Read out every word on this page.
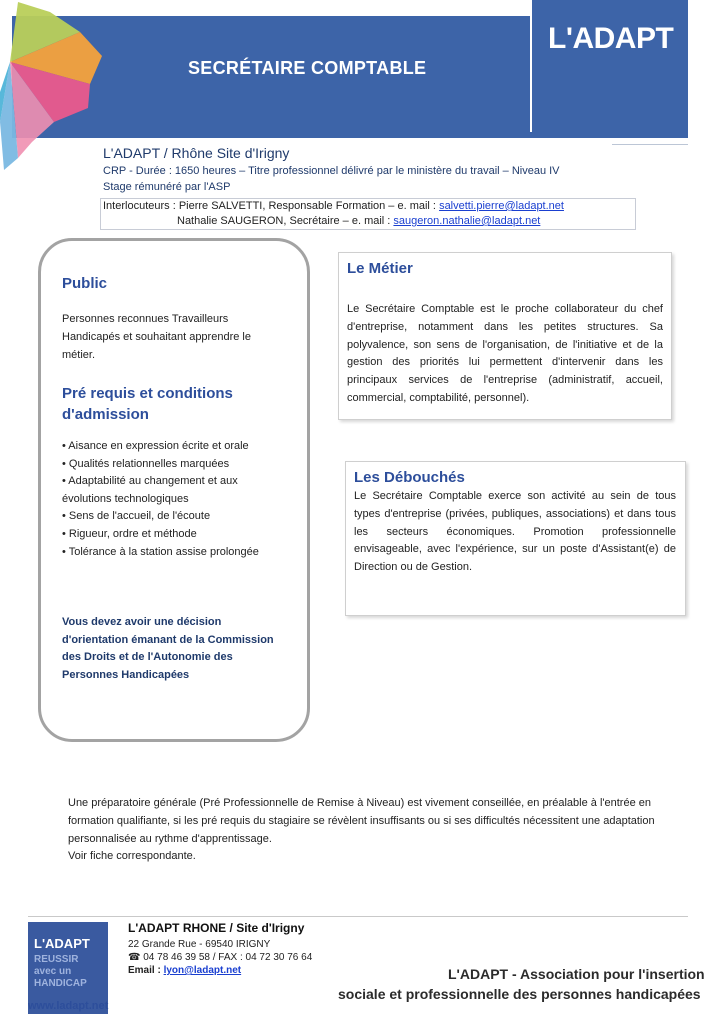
L'ADAPT
SECRÉTAIRE COMPTABLE
L'ADAPT / Rhône Site d'Irigny
CRP - Durée : 1650 heures – Titre professionnel délivré par le ministère du travail – Niveau IV
Stage rémunéré par l'ASP
Interlocuteurs : Pierre SALVETTI, Responsable Formation – e. mail : salvetti.pierre@ladapt.net
Nathalie SAUGERON, Secrétaire – e. mail : saugeron.nathalie@ladapt.net
Public
Personnes reconnues Travailleurs
Handicapés et souhaitant apprendre le
métier.
Pré requis et conditions
d'admission
• Aisance en expression écrite et orale
• Qualités relationnelles marquées
• Adaptabilité au changement et aux
évolutions technologiques
• Sens de l'accueil, de l'écoute
• Rigueur, ordre et méthode
• Tolérance à la station assise prolongée
Vous devez avoir une décision
d'orientation émanant de la Commission
des Droits et de l'Autonomie des
Personnes Handicapées
Le Métier
Le Secrétaire Comptable est le proche collaborateur du chef d'entreprise, notamment dans les petites structures. Sa polyvalence, son sens de l'organisation, de l'initiative et de la gestion des priorités lui permettent d'intervenir dans les principaux services de l'entreprise (administratif, accueil, commercial, comptabilité, personnel).
Les Débouchés
Le Secrétaire Comptable exerce son activité au sein de tous types d'entreprise (privées, publiques, associations) et dans tous les secteurs économiques. Promotion professionnelle envisageable, avec l'expérience, sur un poste d'Assistant(e) de Direction ou de Gestion.
Une préparatoire générale (Pré Professionnelle de Remise à Niveau) est vivement conseillée, en préalable à l'entrée en formation qualifiante, si les pré requis du stagiaire se révèlent insuffisants ou si ses difficultés nécessitent une adaptation personnalisée au rythme d'apprentissage.
Voir fiche correspondante.
L'ADAPT
REUSSIR
avec un
HANDICAP
www.ladapt.net
L'ADAPT RHONE / Site d'Irigny
22 Grande Rue - 69540 IRIGNY
☎ 04 78 46 39 58 / FAX : 04 72 30 76 64
Email : lyon@ladapt.net	L'ADAPT - Association pour l'insertion
sociale et professionnelle des personnes handicapées
